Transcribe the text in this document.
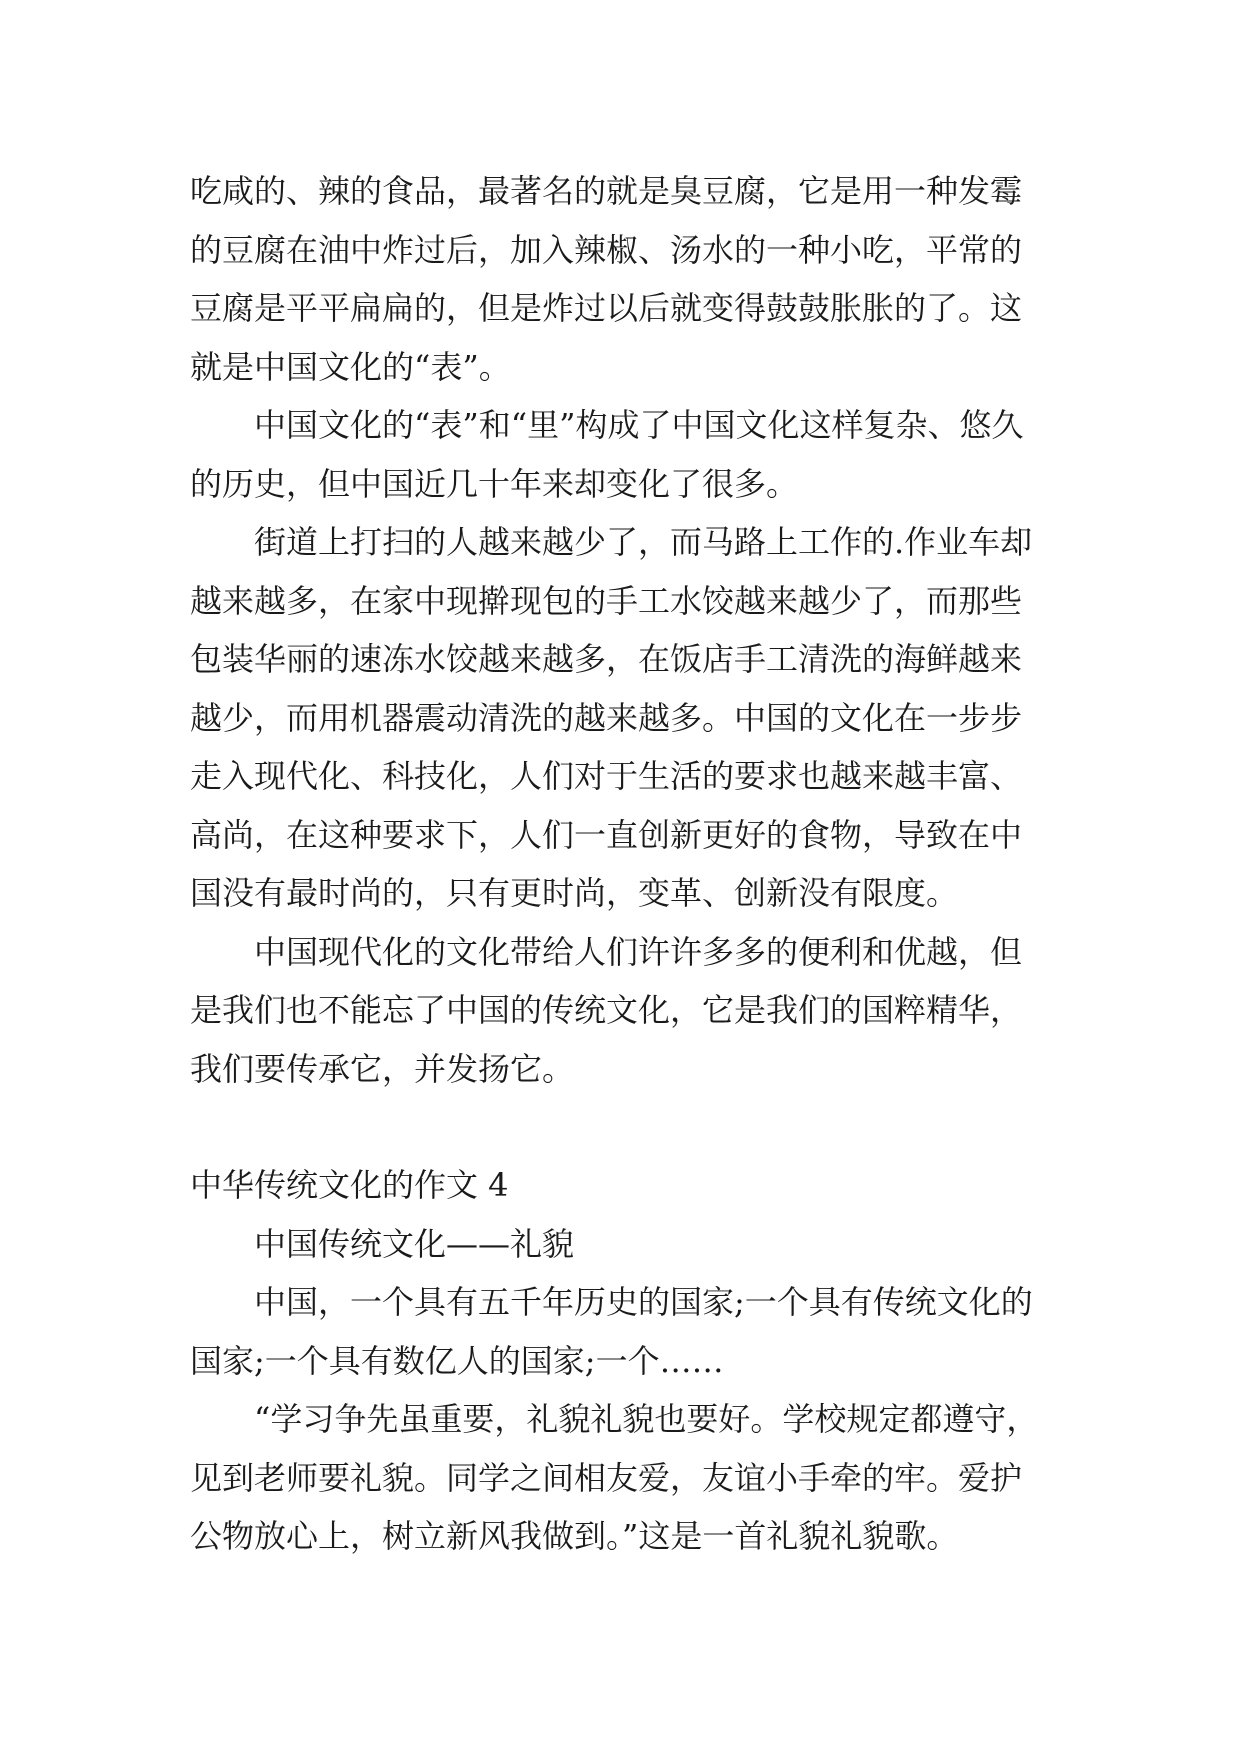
吃咸的、辣的食品，最著名的就是臭豆腐，它是用一种发霉的豆腐在油中炸过后，加入辣椒、汤水的一种小吃，平常的豆腐是平平扁扁的，但是炸过以后就变得鼓鼓胀胀的了。这就是中国文化的“表”。

中国文化的“表”和“里”构成了中国文化这样复杂、悠久的历史，但中国近几十年来却变化了很多。

街道上打扫的人越来越少了，而马路上工作的.作业车却越来越多，在家中现擀现包的手工水饺越来越少了，而那些包装华丽的速冻水饺越来越多，在饭店手工清洗的海鲜越来越少，而用机器震动清洗的越来越多。中国的文化在一步步走入现代化、科技化，人们对于生活的要求也越来越丰富、高尚，在这种要求下，人们一直创新更好的食物，导致在中国没有最时尚的，只有更时尚，变革、创新没有限度。

中国现代化的文化带给人们许许多多的便利和优越，但是我们也不能忘了中国的传统文化，它是我们的国粹精华，我们要传承它，并发扬它。

中华传统文化的作文 4

中国传统文化——礼貌

中国，一个具有五千年历史的国家;一个具有传统文化的国家;一个具有数亿人的国家;一个……

“学习争先虽重要，礼貌礼貌也要好。学校规定都遵守，见到老师要礼貌。同学之间相友爱，友谊小手牵的牢。爱护公物放心上，树立新风我做到。”这是一首礼貌礼貌歌。
